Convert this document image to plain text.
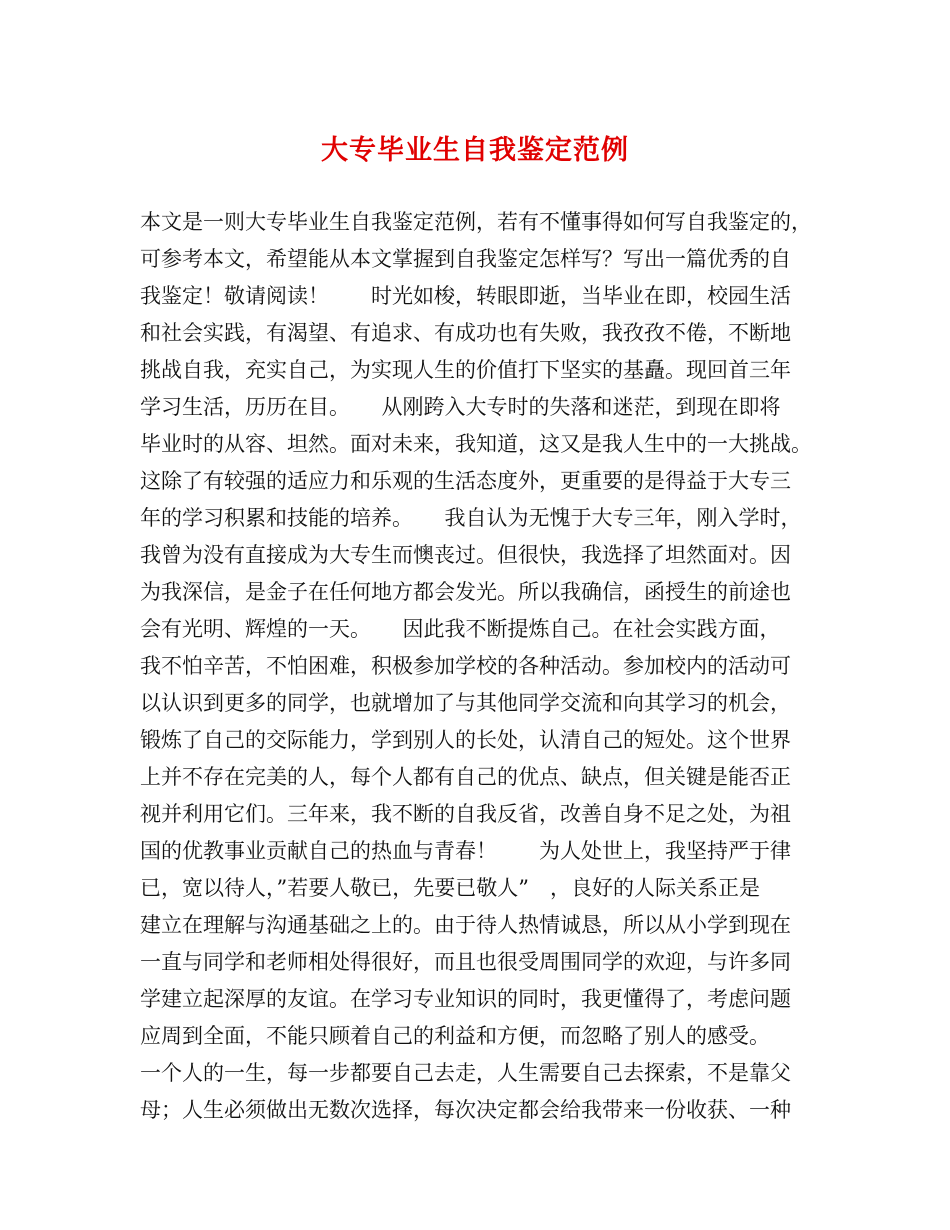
大专毕业生自我鉴定范例
本文是一则大专毕业生自我鉴定范例，若有不懂事得如何写自我鉴定的，
可参考本文，希望能从本文掌握到自我鉴定怎样写？写出一篇优秀的自
我鉴定！敬请阅读！　　时光如梭，转眼即逝，当毕业在即，校园生活
和社会实践，有渴望、有追求、有成功也有失败，我孜孜不倦，不断地
挑战自我，充实自己，为实现人生的价值打下坚实的基矗。现回首三年
学习生活，历历在目。　　从刚跨入大专时的失落和迷茫，到现在即将
毕业时的从容、坦然。面对未来，我知道，这又是我人生中的一大挑战。
这除了有较强的适应力和乐观的生活态度外，更重要的是得益于大专三
年的学习积累和技能的培养。　　我自认为无愧于大专三年，刚入学时，
我曾为没有直接成为大专生而懊丧过。但很快，我选择了坦然面对。因
为我深信，是金子在任何地方都会发光。所以我确信，函授生的前途也
会有光明、辉煌的一天。　　因此我不断提炼自己。在社会实践方面，
我不怕辛苦，不怕困难，积极参加学校的各种活动。参加校内的活动可
以认识到更多的同学，也就增加了与其他同学交流和向其学习的机会，
锻炼了自己的交际能力，学到别人的长处，认清自己的短处。这个世界
上并不存在完美的人，每个人都有自己的优点、缺点，但关键是能否正
视并利用它们。三年来，我不断的自我反省，改善自身不足之处，为祖
国的优教事业贡献自己的热血与青春！　　为人处世上，我坚持严于律
已，宽以待人，”若要人敬已，先要已敬人”　，良好的人际关系正是
建立在理解与沟通基础之上的。由于待人热情诚恳，所以从小学到现在
一直与同学和老师相处得很好，而且也很受周围同学的欢迎，与许多同
学建立起深厚的友谊。在学习专业知识的同时，我更懂得了，考虑问题
应周到全面，不能只顾着自己的利益和方便，而忽略了别人的感受。
一个人的一生，每一步都要自己去走，人生需要自己去探索，不是靠父
母；人生必须做出无数次选择，每次决定都会给我带来一份收获、一种
